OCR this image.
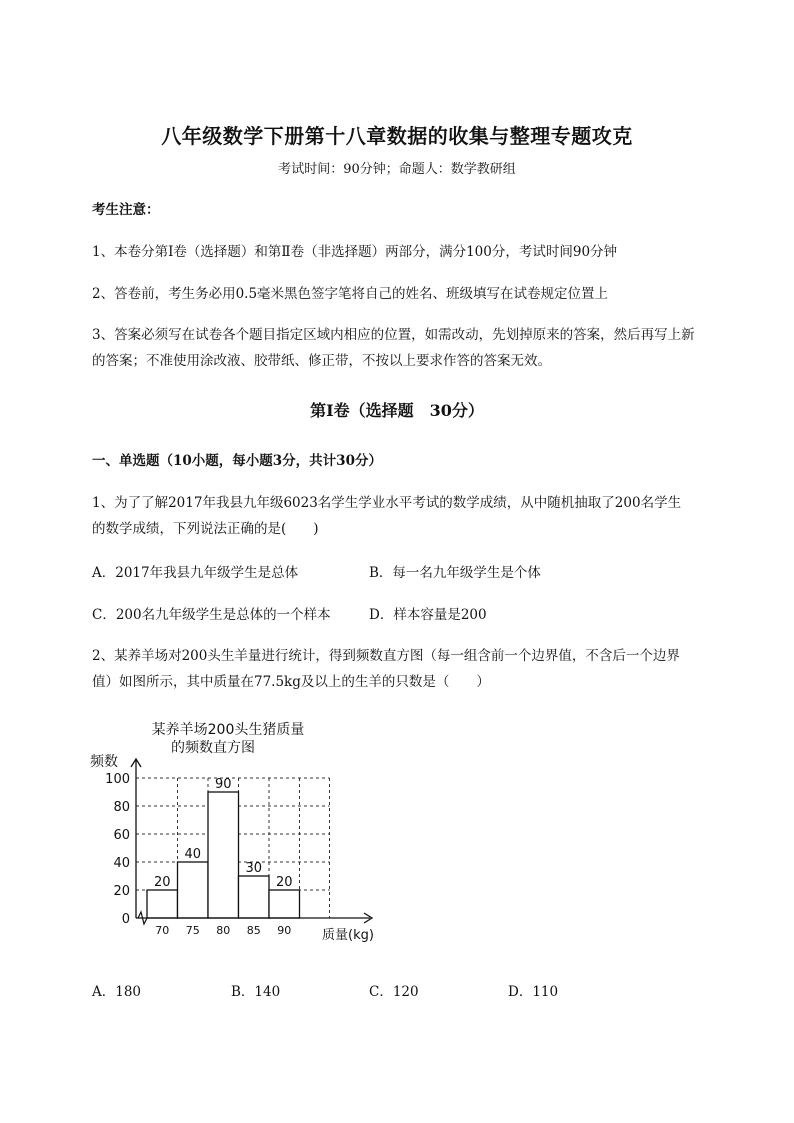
八年级数学下册第十八章数据的收集与整理专题攻克
考试时间：90分钟；命题人：数学教研组
考生注意：
1、本卷分第I卷（选择题）和第Ⅱ卷（非选择题）两部分，满分100分，考试时间90分钟
2、答卷前，考生务必用0.5毫米黑色签字笔将自己的姓名、班级填写在试卷规定位置上
3、答案必须写在试卷各个题目指定区域内相应的位置，如需改动，先划掉原来的答案，然后再写上新
的答案；不准使用涂改液、胶带纸、修正带，不按以上要求作答的答案无效。
第I卷（选择题　30分）
一、单选题（10小题，每小题3分，共计30分）
1、为了了解2017年我县九年级6023名学生学业水平考试的数学成绩，从中随机抽取了200名学生
的数学成绩，下列说法正确的是(　　)
A．2017年我县九年级学生是总体	B．每一名九年级学生是个体
C．200名九年级学生是总体的一个样本	D．样本容量是200
2、某养羊场对200头生羊量进行统计，得到频数直方图（每一组含前一个边界值，不含后一个边界
值）如图所示，其中质量在77.5kg及以上的生羊的只数是（　　）
某养羊场200头生猪质量
的频数直方图
频数
质量(kg)
0
20
40
60
80
100
20
40
90
30
20
70 75 80 85 90
A．180	B．140	C．120	D．110
